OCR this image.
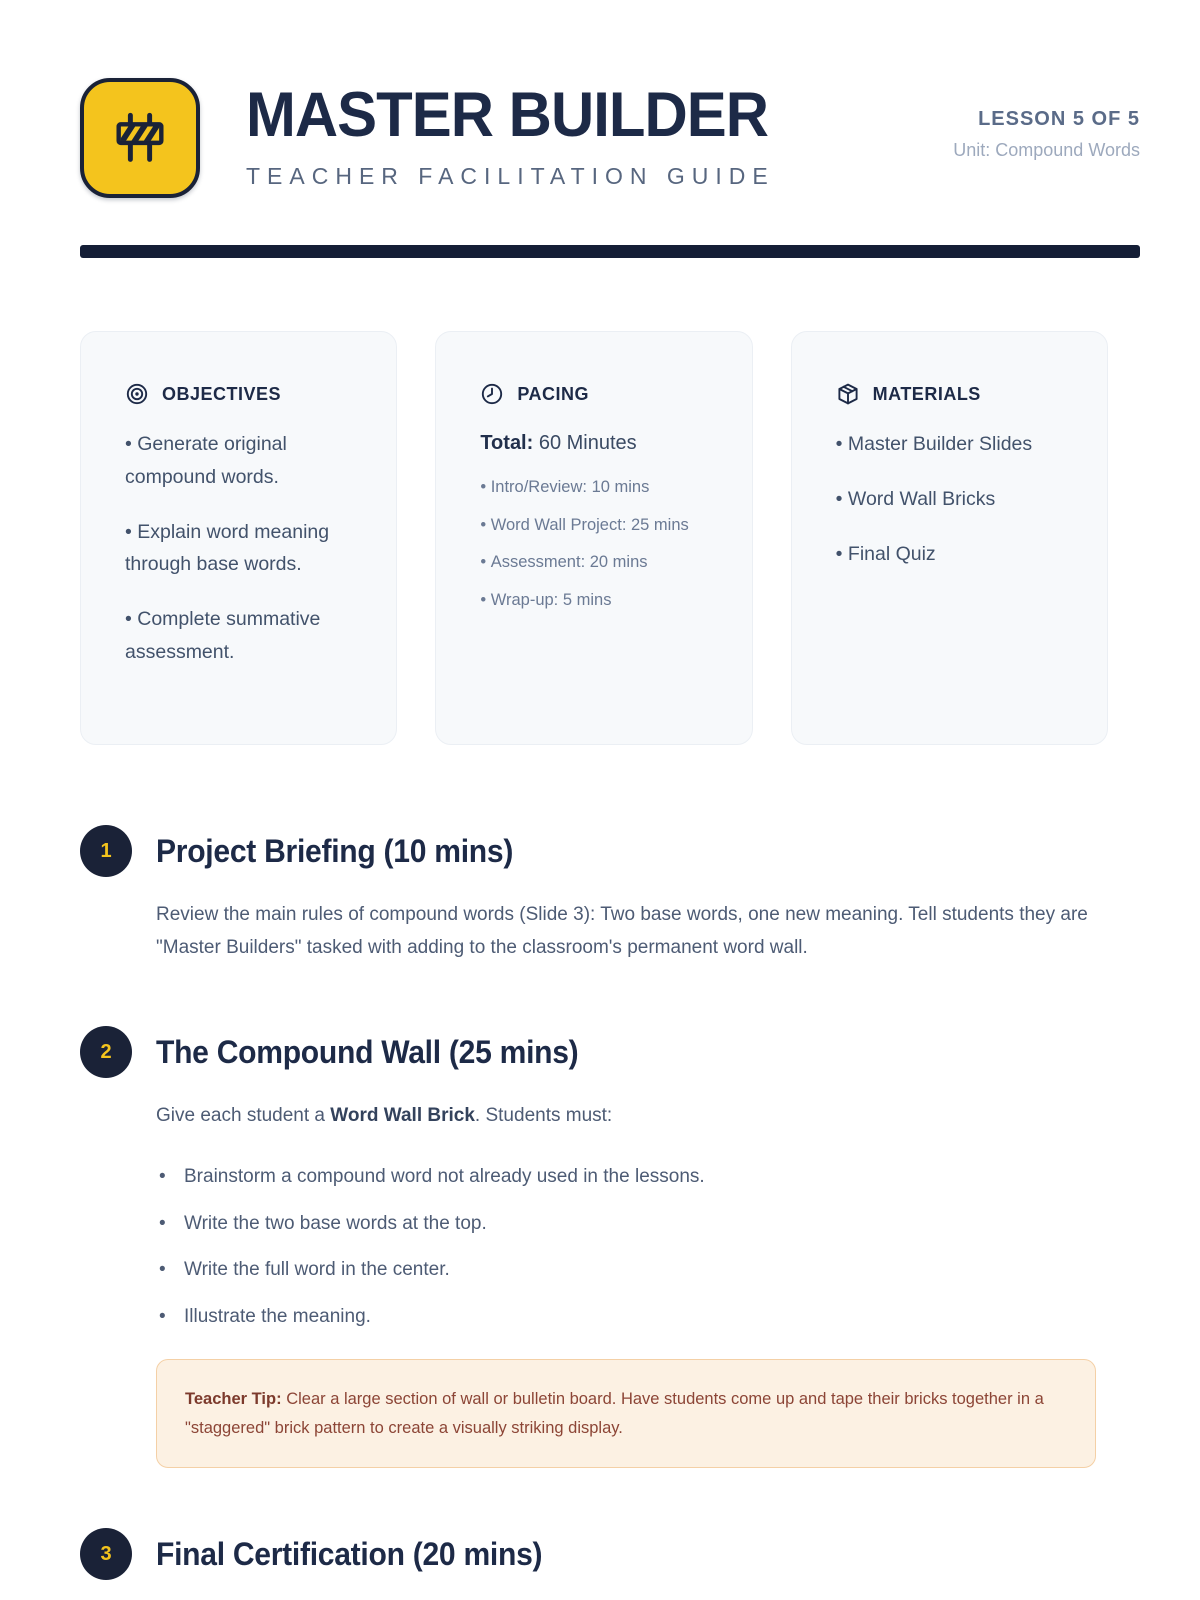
MASTER BUILDER
TEACHER FACILITATION GUIDE
LESSON 5 OF 5
Unit: Compound Words
OBJECTIVES

• Generate original compound words.

• Explain word meaning through base words.

• Complete summative assessment.

PACING

Total: 60 Minutes

• Intro/Review: 10 mins

• Word Wall Project: 25 mins

• Assessment: 20 mins

• Wrap-up: 5 mins

MATERIALS

• Master Builder Slides

• Word Wall Bricks

• Final Quiz

1	Project Briefing (10 mins)

Review the main rules of compound words (Slide 3): Two base words, one new meaning. Tell students they are "Master Builders" tasked with adding to the classroom's permanent word wall.

2	The Compound Wall (25 mins)

Give each student a Word Wall Brick. Students must:

• Brainstorm a compound word not already used in the lessons.
• Write the two base words at the top.
• Write the full word in the center.
• Illustrate the meaning.

Teacher Tip: Clear a large section of wall or bulletin board. Have students come up and tape their bricks together in a "staggered" brick pattern to create a visually striking display.

3	Final Certification (20 mins)
